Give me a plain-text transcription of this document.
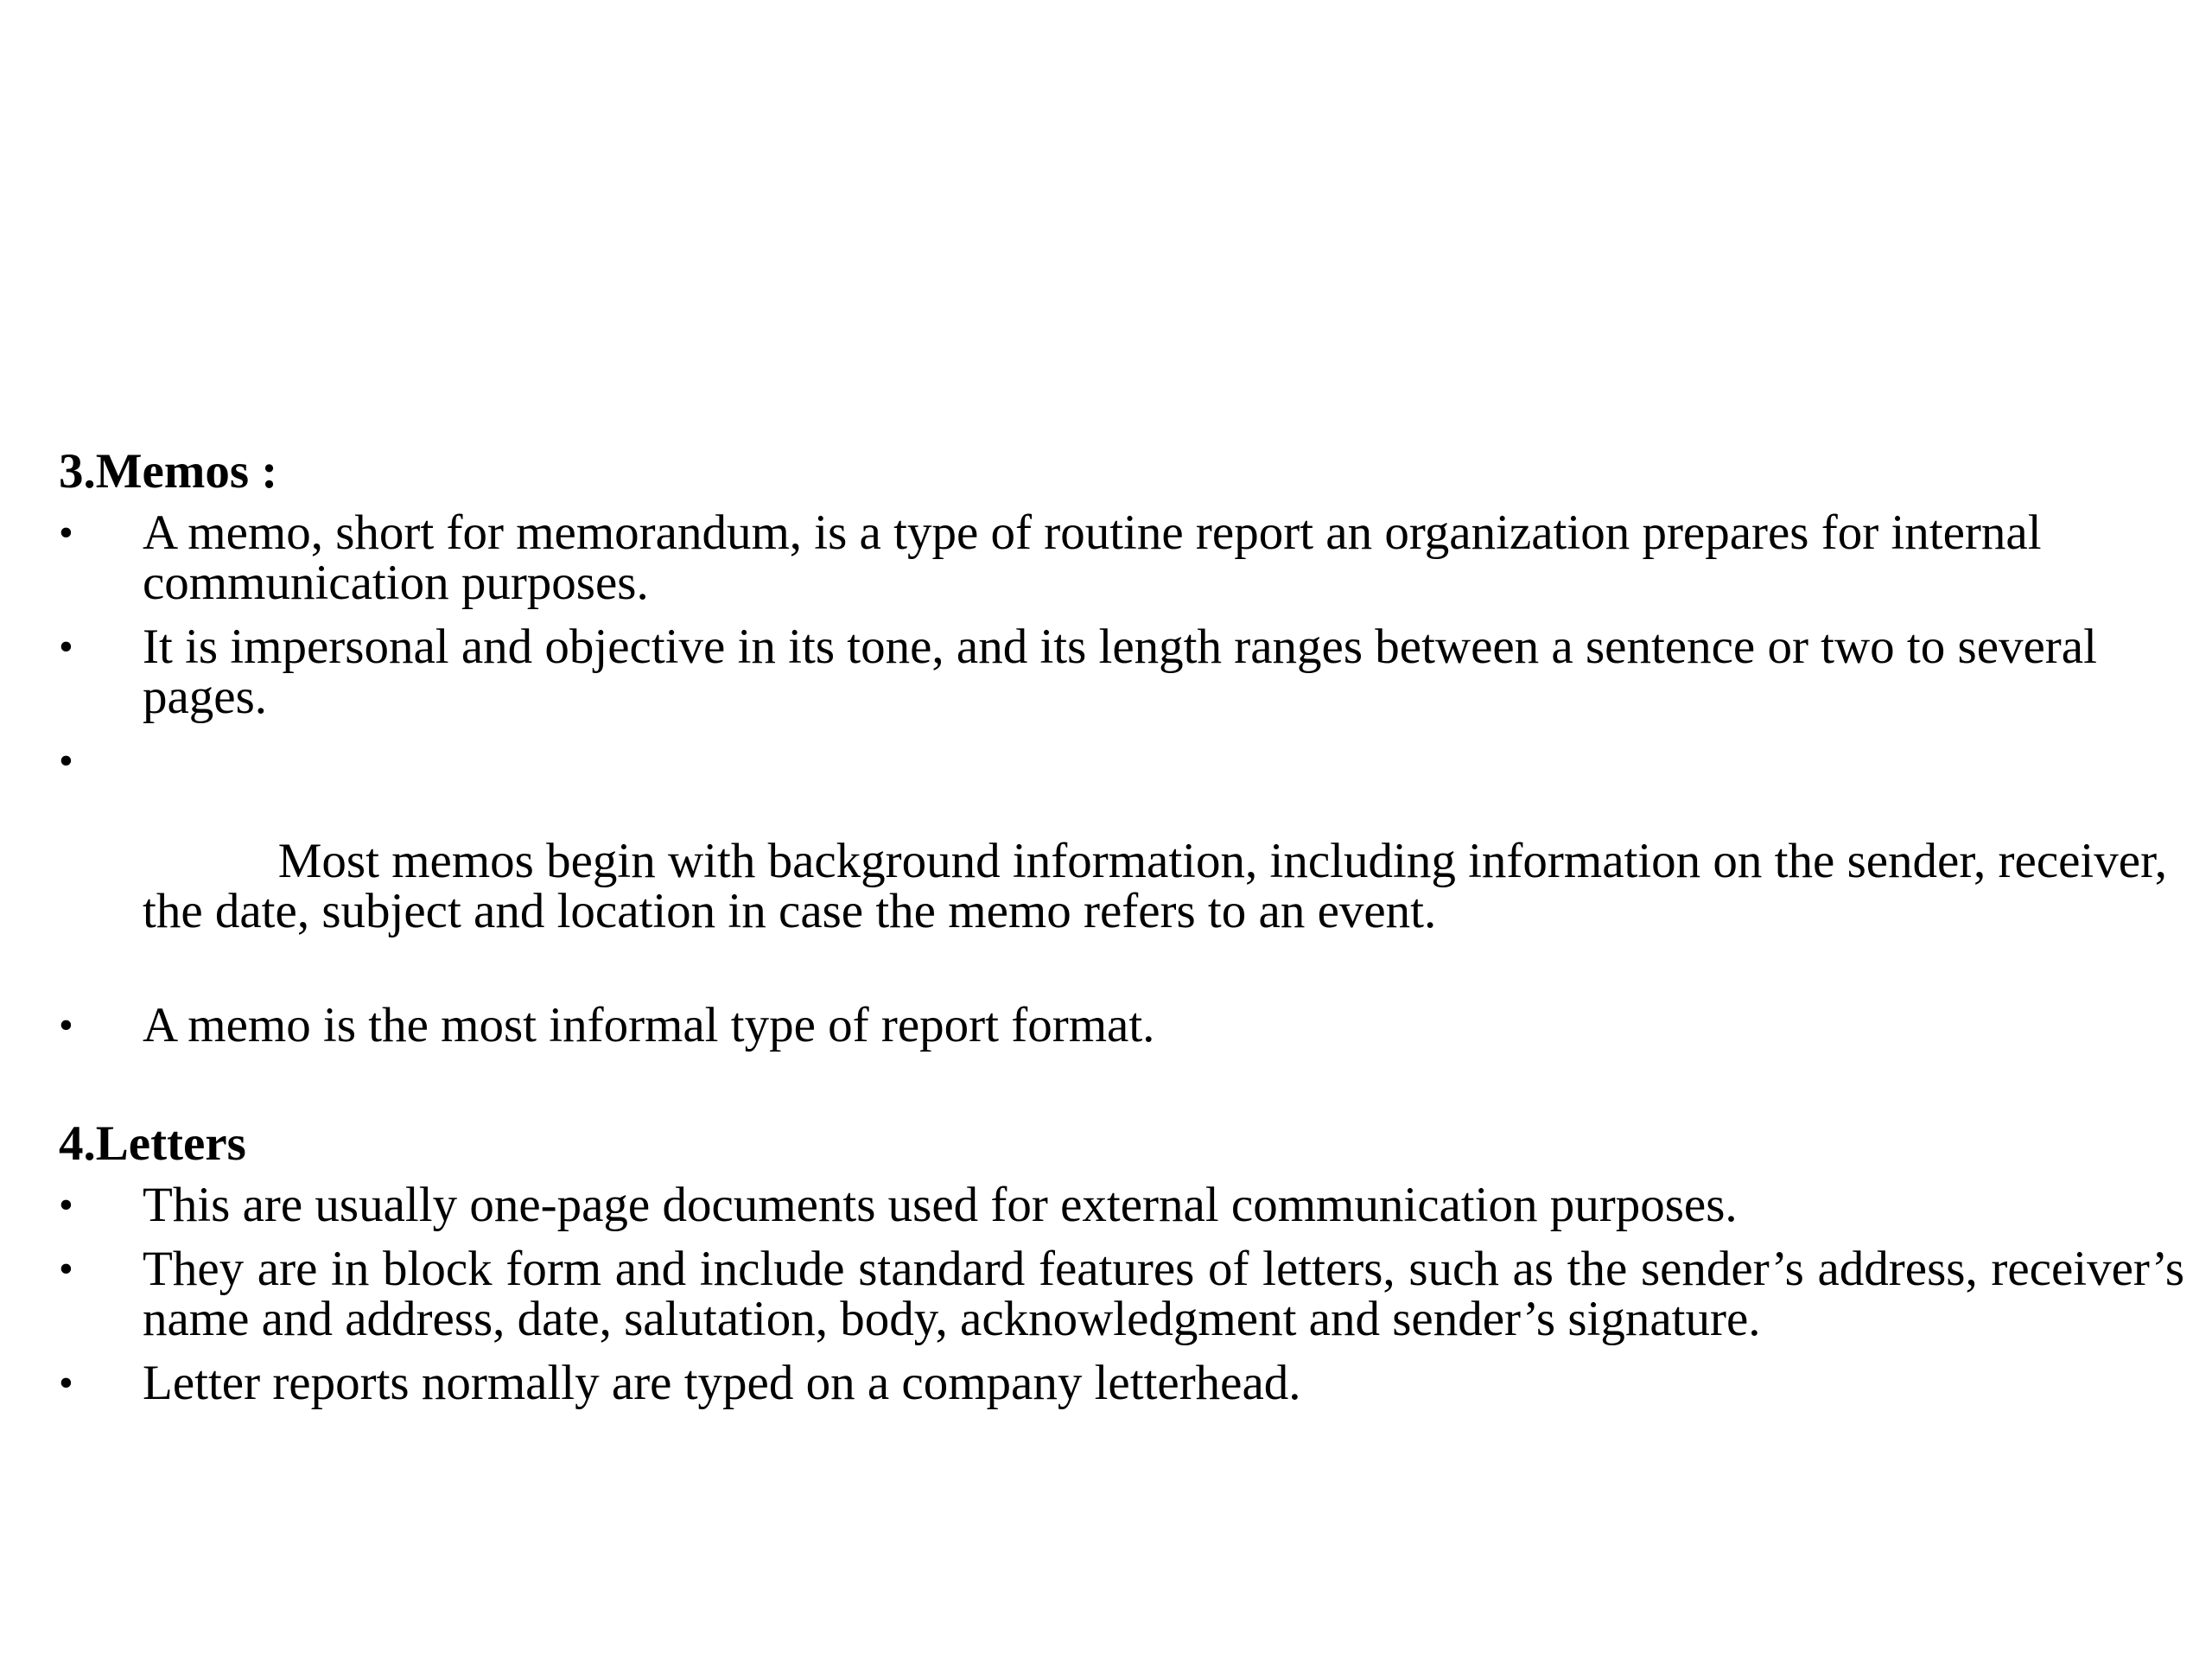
3.Memos :
•	A memo, short for memorandum, is a type of routine report an organization prepares for internal communication purposes.
•	It is impersonal and objective in its tone, and its length ranges between a sentence or two to several pages.

•

Most memos begin with background information, including information on the sender, receiver, the date, subject and location in case the memo refers to an event.

•	A memo is the most informal type of report format.
4.Letters
•	This are usually one-page documents used for external communication purposes.
•	They are in block form and include standard features of letters, such as the sender’s address, receiver’s name and address, date, salutation, body, acknowledgment and sender’s signature.
•	Letter reports normally are typed on a company letterhead.
